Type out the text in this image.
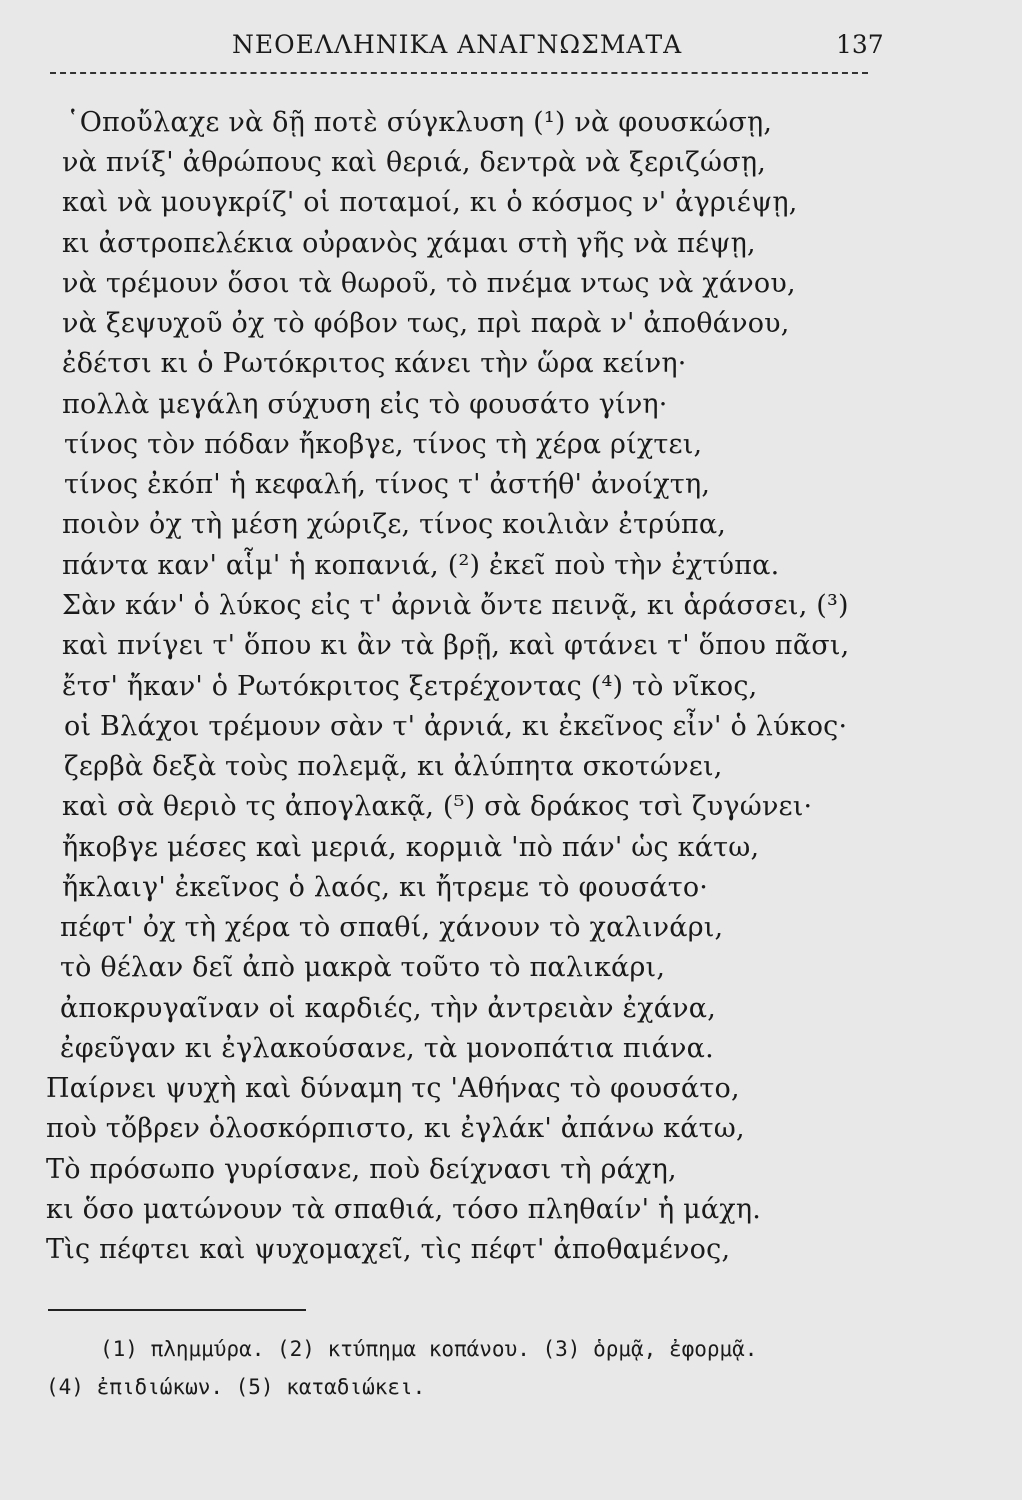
ΝΕΟΕΛΛΗΝΙΚΑ ΑΝΑΓΝΩΣΜΑΤΑ	137
῾Οποὔλαχε νὰ δῇ ποτὲ σύγκλυση (¹) νὰ φουσκώσῃ,
νὰ πνίξ' ἀθρώπους καὶ θεριά, δεντρὰ νὰ ξεριζώσῃ,
καὶ νὰ μουγκρίζ' οἱ ποταμοί, κι ὁ κόσμος ν' ἀγριέψῃ,
κι ἀστροπελέκια οὐρανὸς χάμαι στὴ γῆς νὰ πέψῃ,
νὰ τρέμουν ὅσοι τὰ θωροῦ, τὸ πνέμα ντως νὰ χάνου,
νὰ ξεψυχοῦ ὀχ τὸ φόβον τως, πρὶ παρὰ ν' ἀποθάνου,
ἐδέτσι κι ὁ Ρωτόκριτος κάνει τὴν ὥρα κείνη·
πολλὰ μεγάλη σύχυση εἰς τὸ φουσάτο γίνη·
τίνος τὸν πόδαν ἤκοβγε, τίνος τὴ χέρα ρίχτει,
τίνος ἐκόπ' ἡ κεφαλή, τίνος τ' ἀστήθ' ἀνοίχτη,
ποιὸν ὀχ τὴ μέση χώριζε, τίνος κοιλιὰν ἐτρύπα,
πάντα καν' αἷμ' ἡ κοπανιά, (²) ἐκεῖ ποὺ τὴν ἐχτύπα.
Σὰν κάν' ὁ λύκος εἰς τ' ἀρνιὰ ὄντε πεινᾷ, κι ἁράσσει, (³)
καὶ πνίγει τ' ὅπου κι ἂν τὰ βρῇ, καὶ φτάνει τ' ὅπου πᾶσι,
ἔτσ' ἤκαν' ὁ Ρωτόκριτος ξετρέχοντας (⁴) τὸ νῖκος,
οἱ Βλάχοι τρέμουν σὰν τ' ἀρνιά, κι ἐκεῖνος εἶν' ὁ λύκος·
ζερβὰ δεξὰ τοὺς πολεμᾷ, κι ἀλύπητα σκοτώνει,
καὶ σὰ θεριὸ τς ἀπογλακᾷ, (⁵) σὰ δράκος τσὶ ζυγώνει·
ἤκοβγε μέσες καὶ μεριά, κορμιὰ 'πὸ πάν' ὡς κάτω,
ἤκλαιγ' ἐκεῖνος ὁ λαός, κι ἤτρεμε τὸ φουσάτο·
πέφτ' ὀχ τὴ χέρα τὸ σπαθί, χάνουν τὸ χαλινάρι,
τὸ θέλαν δεῖ ἀπὸ μακρὰ τοῦτο τὸ παλικάρι,
ἀποκρυγαῖναν οἱ καρδιές, τὴν ἀντρειὰν ἐχάνα,
ἐφεῦγαν κι ἐγλακούσανε, τὰ μονοπάτια πιάνα.
Παίρνει ψυχὴ καὶ δύναμη τς 'Αθήνας τὸ φουσάτο,
ποὺ τὄβρεν ὁλοσκόρπιστο, κι ἐγλάκ' ἀπάνω κάτω,
Τὸ πρόσωπο γυρίσανε, ποὺ δείχνασι τὴ ράχη,
κι ὅσο ματώνουν τὰ σπαθιά, τόσο πληθαίν' ἡ μάχη.
Τὶς πέφτει καὶ ψυχομαχεῖ, τὶς πέφτ' ἀποθαμένος,
(1) πλημμύρα. (2) κτύπημα κοπάνου. (3) ὁρμᾷ, ἐφορμᾷ.
(4) ἐπιδιώκων. (5) καταδιώκει.
